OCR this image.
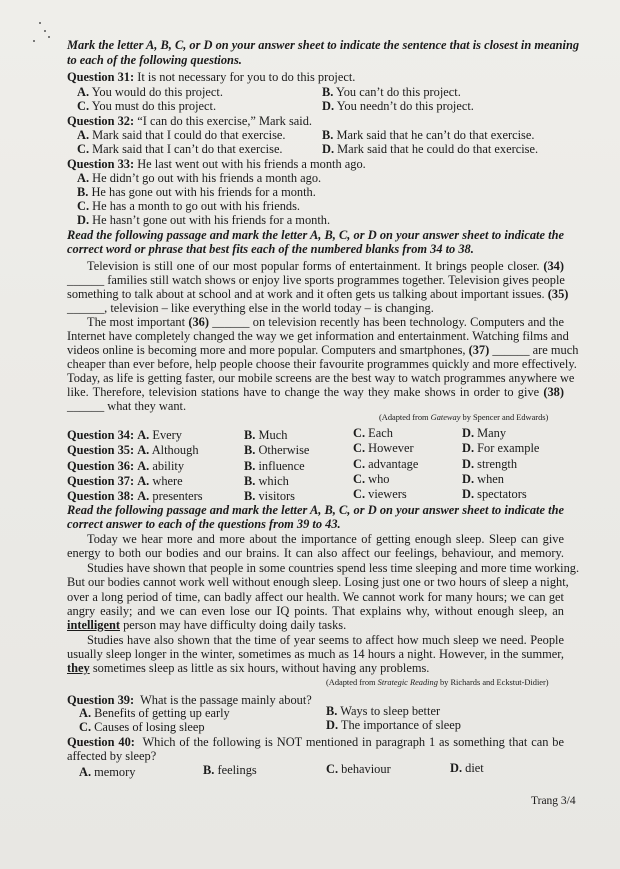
Mark the letter A, B, C, or D on your answer sheet to indicate the sentence that is closest in meaning
to each of the following questions.
Question 31: It is not necessary for you to do this project.
A. You would do this project.	B. You can’t do this project.
C. You must do this project.	D. You needn’t do this project.
Question 32: “I can do this exercise,” Mark said.
A. Mark said that I could do that exercise.	B. Mark said that he can’t do that exercise.
C. Mark said that I can’t do that exercise.	D. Mark said that he could do that exercise.
Question 33: He last went out with his friends a month ago.
A. He didn’t go out with his friends a month ago.
B. He has gone out with his friends for a month.
C. He has a month to go out with his friends.
D. He hasn’t gone out with his friends for a month.
Read the following passage and mark the letter A, B, C, or D on your answer sheet to indicate the
correct word or phrase that best fits each of the numbered blanks from 34 to 38.
Television is still one of our most popular forms of entertainment. It brings people closer. (34)
______ families still watch shows or enjoy live sports programmes together. Television gives people
something to talk about at school and at work and it often gets us talking about important issues. (35)
______, television – like everything else in the world today – is changing.
The most important (36) ______ on television recently has been technology. Computers and the
Internet have completely changed the way we get information and entertainment. Watching films and
videos online is becoming more and more popular. Computers and smartphones, (37) ______ are much
cheaper than ever before, help people choose their favourite programmes quickly and more effectively.
Today, as life is getting faster, our mobile screens are the best way to watch programmes anywhere we
like. Therefore, television stations have to change the way they make shows in order to give (38)
______ what they want.
(Adapted from Gateway by Spencer and Edwards)
Question 34: A. Every	B. Much	C. Each	D. Many
Question 35: A. Although	B. Otherwise	C. However	D. For example
Question 36: A. ability	B. influence	C. advantage	D. strength
Question 37: A. where	B. which	C. who	D. when
Question 38: A. presenters	B. visitors	C. viewers	D. spectators
Read the following passage and mark the letter A, B, C, or D on your answer sheet to indicate the
correct answer to each of the questions from 39 to 43.
Today we hear more and more about the importance of getting enough sleep. Sleep can give
energy to both our bodies and our brains. It can also affect our feelings, behaviour, and memory.
Studies have shown that people in some countries spend less time sleeping and more time working.
But our bodies cannot work well without enough sleep. Losing just one or two hours of sleep a night,
over a long period of time, can badly affect our health. We cannot work for many hours; we can get
angry easily; and we can even lose our IQ points. That explains why, without enough sleep, an
intelligent person may have difficulty doing daily tasks.
Studies have also shown that the time of year seems to affect how much sleep we need. People
usually sleep longer in the winter, sometimes as much as 14 hours a night. However, in the summer,
they sometimes sleep as little as six hours, without having any problems.
(Adapted from Strategic Reading by Richards and Eckstut-Didier)
Question 39: What is the passage mainly about?
A. Benefits of getting up early	B. Ways to sleep better
C. Causes of losing sleep	D. The importance of sleep
Question 40: Which of the following is NOT mentioned in paragraph 1 as something that can be
affected by sleep?
A. memory	B. feelings	C. behaviour	D. diet
Trang 3/4
